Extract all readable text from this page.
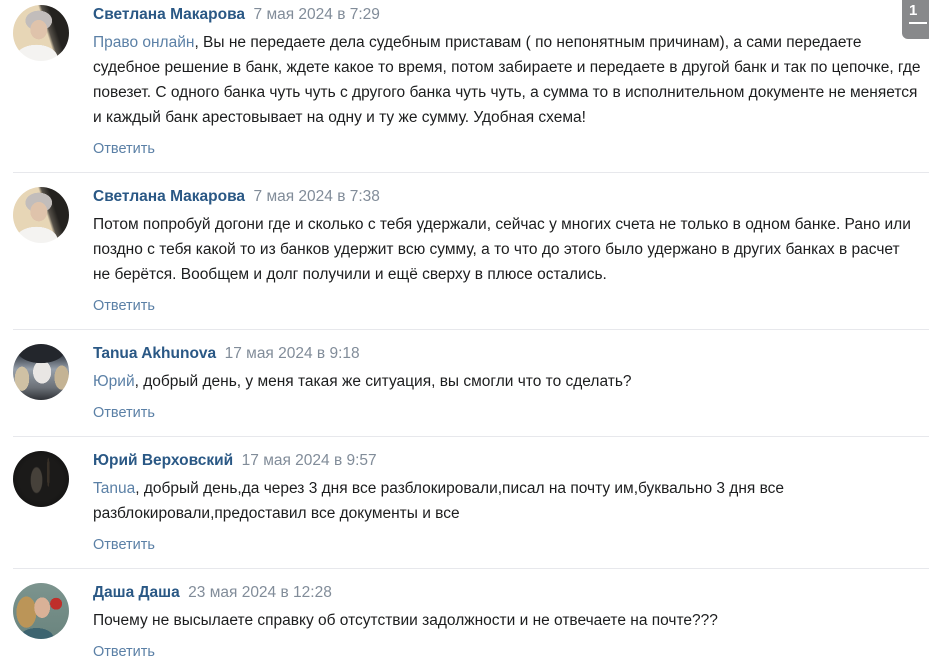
1
Светлана Макарова 7 мая 2024 в 7:29
Право онлайн, Вы не передаете дела судебным приставам ( по непонятным причинам), а сами передаете судебное решение в банк, ждете какое то время, потом забираете и передаете в другой банк и так по цепочке, где повезет. С одного банка чуть чуть с другого банка чуть чуть, а сумма то в исполнительном документе не меняется и каждый банк арестовывает на одну и ту же сумму. Удобная схема!
Ответить
Светлана Макарова 7 мая 2024 в 7:38
Потом попробуй догони где и сколько с тебя удержали, сейчас у многих счета не только в одном банке. Рано или поздно с тебя какой то из банков удержит всю сумму, а то что до этого было удержано в других банках в расчет не берётся. Вообщем и долг получили и ещё сверху в плюсе остались.
Ответить
Tanua Akhunova 17 мая 2024 в 9:18
Юрий, добрый день, у меня такая же ситуация, вы смогли что то сделать?
Ответить
Юрий Верховский 17 мая 2024 в 9:57
Tanua, добрый день,да через 3 дня все разблокировали,писал на почту им,буквально 3 дня все разблокировали,предоставил все документы и все
Ответить
Даша Даша 23 мая 2024 в 12:28
Почему не высылаете справку об отсутствии задолжности и не отвечаете на почте???
Ответить
